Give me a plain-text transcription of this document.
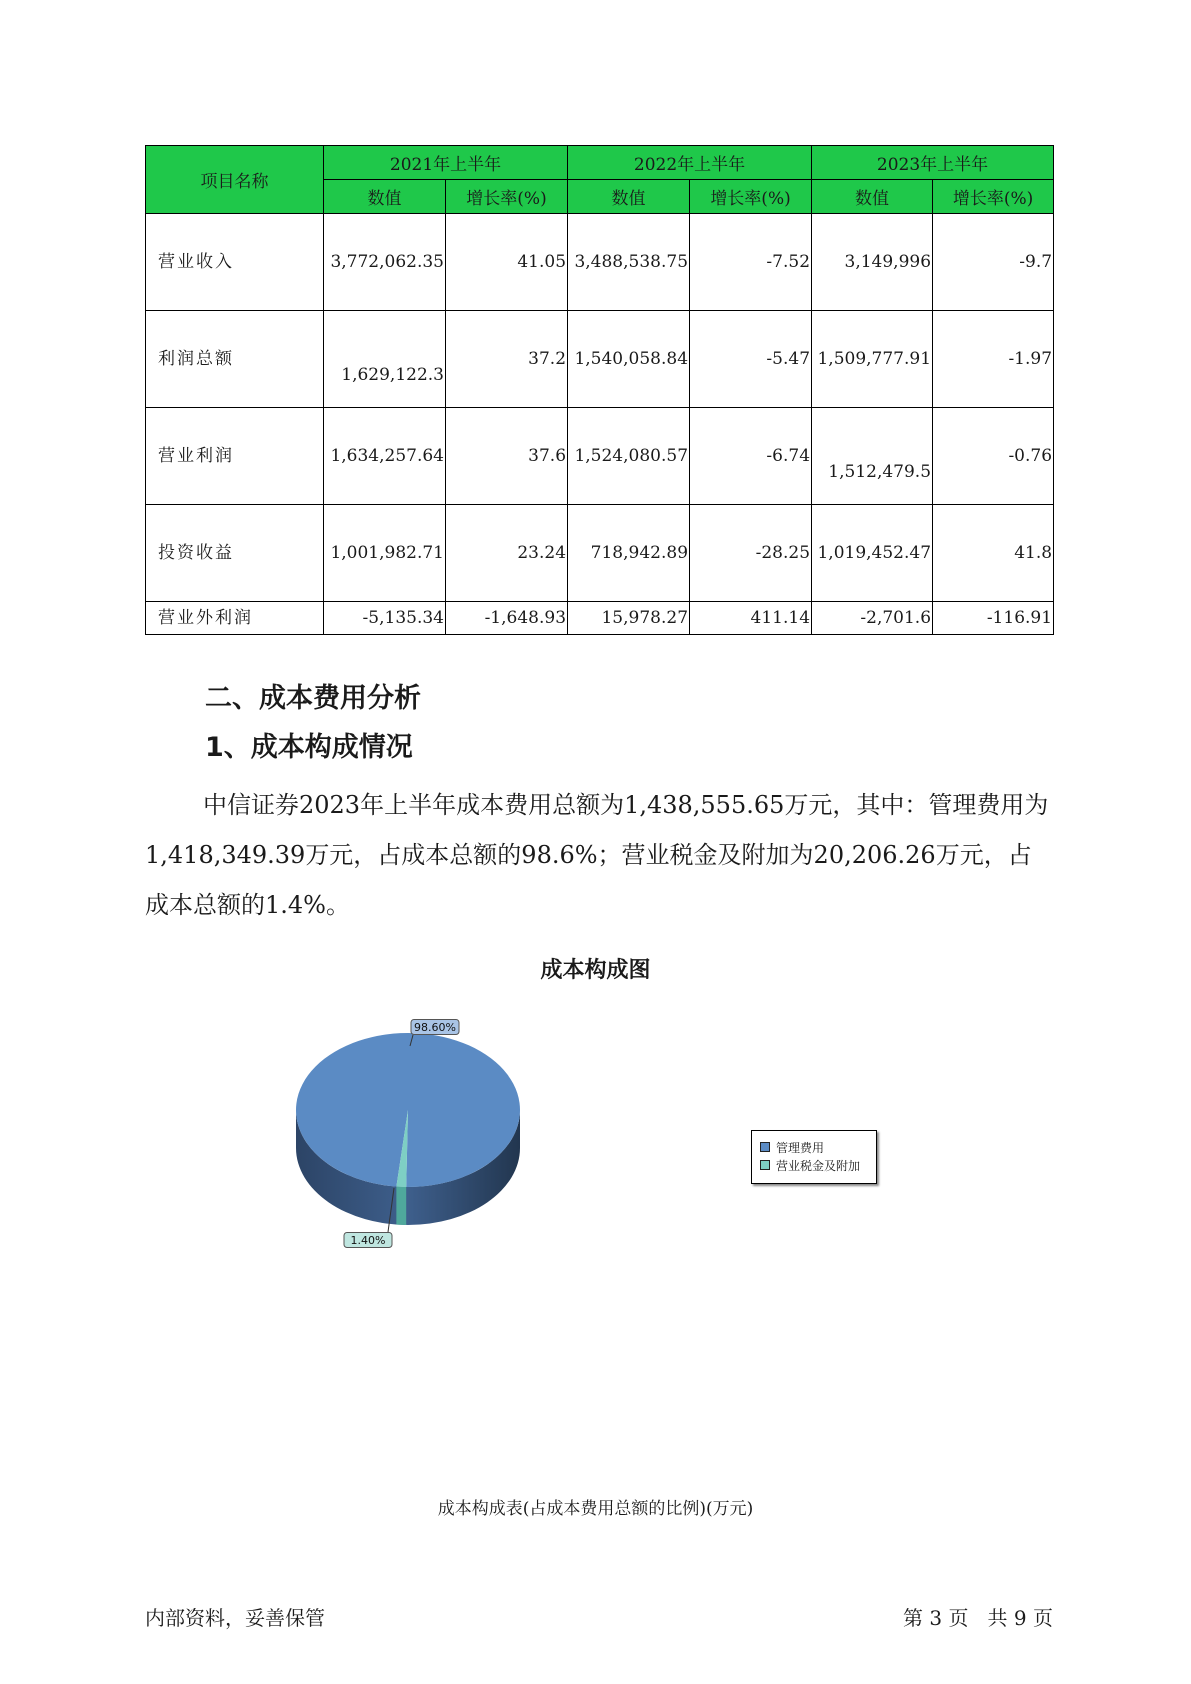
项目名称	2021年上半年		2022年上半年		2023年上半年	
	数值	增长率(%)	数值	增长率(%)	数值	增长率(%)

营业收入	3,772,062.35	41.05	3,488,538.75	-7.52	3,149,996	-9.7

利润总额	1,629,122.3	37.2	1,540,058.84	-5.47	1,509,777.91	-1.97

营业利润	1,634,257.64	37.6	1,524,080.57	-6.74	1,512,479.5	-0.76

投资收益	1,001,982.71	23.24	718,942.89	-28.25	1,019,452.47	41.8

营业外利润	-5,135.34	-1,648.93	15,978.27	411.14	-2,701.6	-116.91
二、成本费用分析
1、成本构成情况

中信证券2023年上半年成本费用总额为1,438,555.65万元，其中：管理费用为1,418,349.39万元，占成本总额的98.6%；营业税金及附加为20,206.26万元，占成本总额的1.4%。

成本构成图
98.60%
1.40%
管理费用
营业税金及附加
成本构成表(占成本费用总额的比例)(万元)
内部资料，妥善保管	第 3 页   共 9 页
